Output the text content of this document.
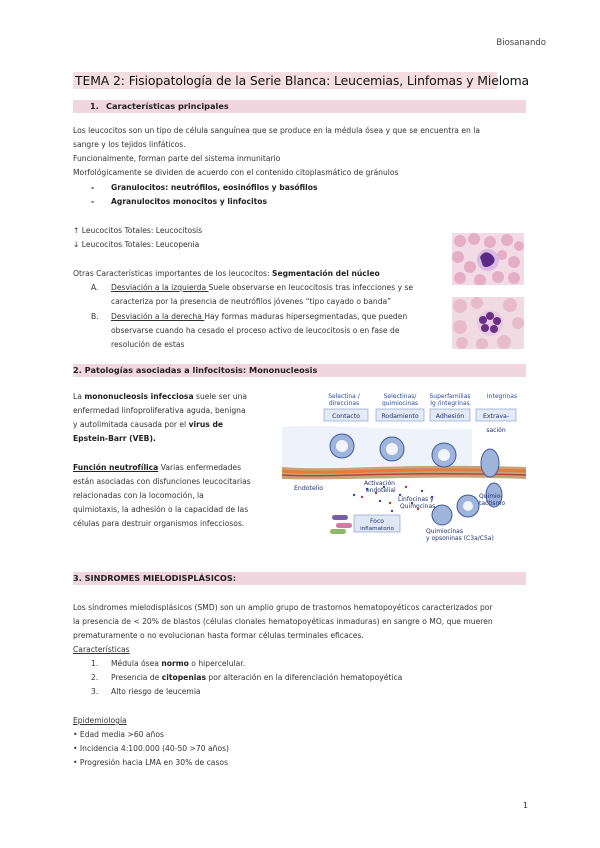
Biosanando
TEMA 2: Fisiopatología de la Serie Blanca: Leucemias, Linfomas y Mieloma
1. Características principales
Los leucocitos son un tipo de célula sanguínea que se produce en la médula ósea y que se encuentra en la
sangre y los tejidos linfáticos.
Funcionalmente, forman parte del sistema inmunitario
Morfológicamente se dividen de acuerdo con el contenido citoplasmático de gránulos
- Granulocitos: neutrófilos, eosinófilos y basófilos
- Agranulocitos monocitos y linfocitos
↑ Leucocitos Totales: Leucocitosis
↓ Leucocitos Totales: Leucopenia
Otras Características importantes de los leucocitos: Segmentación del núcleo
A. Desviación a la izquierda Suele observarse en leucocitosis tras infecciones y se
caracteriza por la presencia de neutrófilos jóvenes “tipo cayado o banda”
B. Desviación a la derecha Hay formas maduras hipersegmentadas, que pueden
observarse cuando ha cesado el proceso activo de leucocitosis o en fase de
resolución de estas
2. Patologías asociadas a linfocitosis: Mononucleosis
La mononucleosis infecciosa suele ser una
enfermedad linfoproliferativa aguda, benigna
y autolimitada causada por el virus de
Epstein-Barr (VEB).
Función neutrofílica Varias enfermedades
están asociadas con disfunciones leucocitarias
relacionadas con la locomoción, la
quimiotaxis, la adhesión o la capacidad de las
células para destruir organismos infecciosos.
Selectina /
direccinas
Selectinas/
quimiocinas
Superfamilias
Ig /integrinas
Integrinas
Contacto	Rodamiento	Adhesión	Extrava-
sación
Endotelio
Activación
endotelial
Linfocinas y
Quimocinas
Quimio-
tactismo
Foco
inflamatorio	Quimiocinas
y opsoninas (C3a/C5a)
3. SINDROMES MIELODISPLÁSICOS:
Los síndromes mielodisplásicos (SMD) son un amplio grupo de trastornos hematopoyéticos caracterizados por
la presencia de < 20% de blastos (células clonales hematopoyéticas inmaduras) en sangre o MO, que mueren
prematuramente o no evolucionan hasta formar células terminales eficaces.
Características
1. Médula ósea normo o hipercelular.
2. Presencia de citopenias por alteración en la diferenciación hematopoyética
3. Alto riesgo de leucemia
Epidemiología
• Edad media >60 años
• Incidencia 4:100.000 (40-50 >70 años)
• Progresión hacia LMA en 30% de casos
1
